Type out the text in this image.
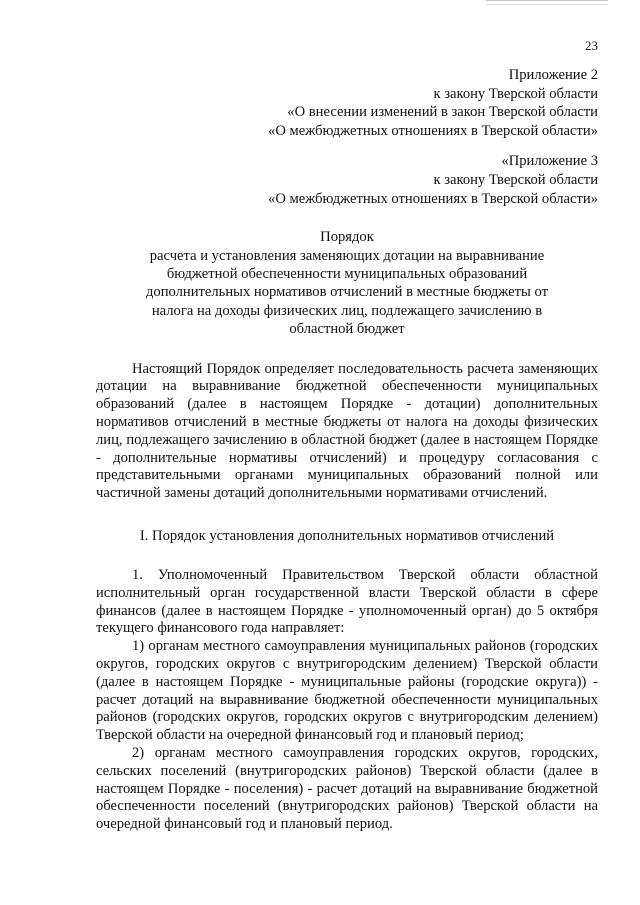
23
Приложение 2
к закону Тверской области
«О внесении изменений в закон Тверской области
«О межбюджетных отношениях в Тверской области»
«Приложение 3
к закону Тверской области
«О межбюджетных отношениях в Тверской области»
Порядок
расчета и установления заменяющих дотации на выравнивание
бюджетной обеспеченности муниципальных образований
дополнительных нормативов отчислений в местные бюджеты от
налога на доходы физических лиц, подлежащего зачислению в
областной бюджет

Настоящий Порядок определяет последовательность расчета заменяющих дотации на выравнивание бюджетной обеспеченности муниципальных образований (далее в настоящем Порядке - дотации) дополнительных нормативов отчислений в местные бюджеты от налога на доходы физических лиц, подлежащего зачислению в областной бюджет (далее в настоящем Порядке - дополнительные нормативы отчислений) и процедуру согласования с представительными органами муниципальных образований полной или частичной замены дотаций дополнительными нормативами отчислений.

I. Порядок установления дополнительных нормативов отчислений

1. Уполномоченный Правительством Тверской области областной исполнительный орган государственной власти Тверской области в сфере финансов (далее в настоящем Порядке - уполномоченный орган) до 5 октября текущего финансового года направляет:

1) органам местного самоуправления муниципальных районов (городских округов, городских округов с внутригородским делением) Тверской области (далее в настоящем Порядке - муниципальные районы (городские округа)) - расчет дотаций на выравнивание бюджетной обеспеченности муниципальных районов (городских округов, городских округов с внутригородским делением) Тверской области на очередной финансовый год и плановый период;

2) органам местного самоуправления городских округов, городских, сельских поселений (внутригородских районов) Тверской области (далее в настоящем Порядке - поселения) - расчет дотаций на выравнивание бюджетной обеспеченности поселений (внутригородских районов) Тверской области на очередной финансовый год и плановый период.
